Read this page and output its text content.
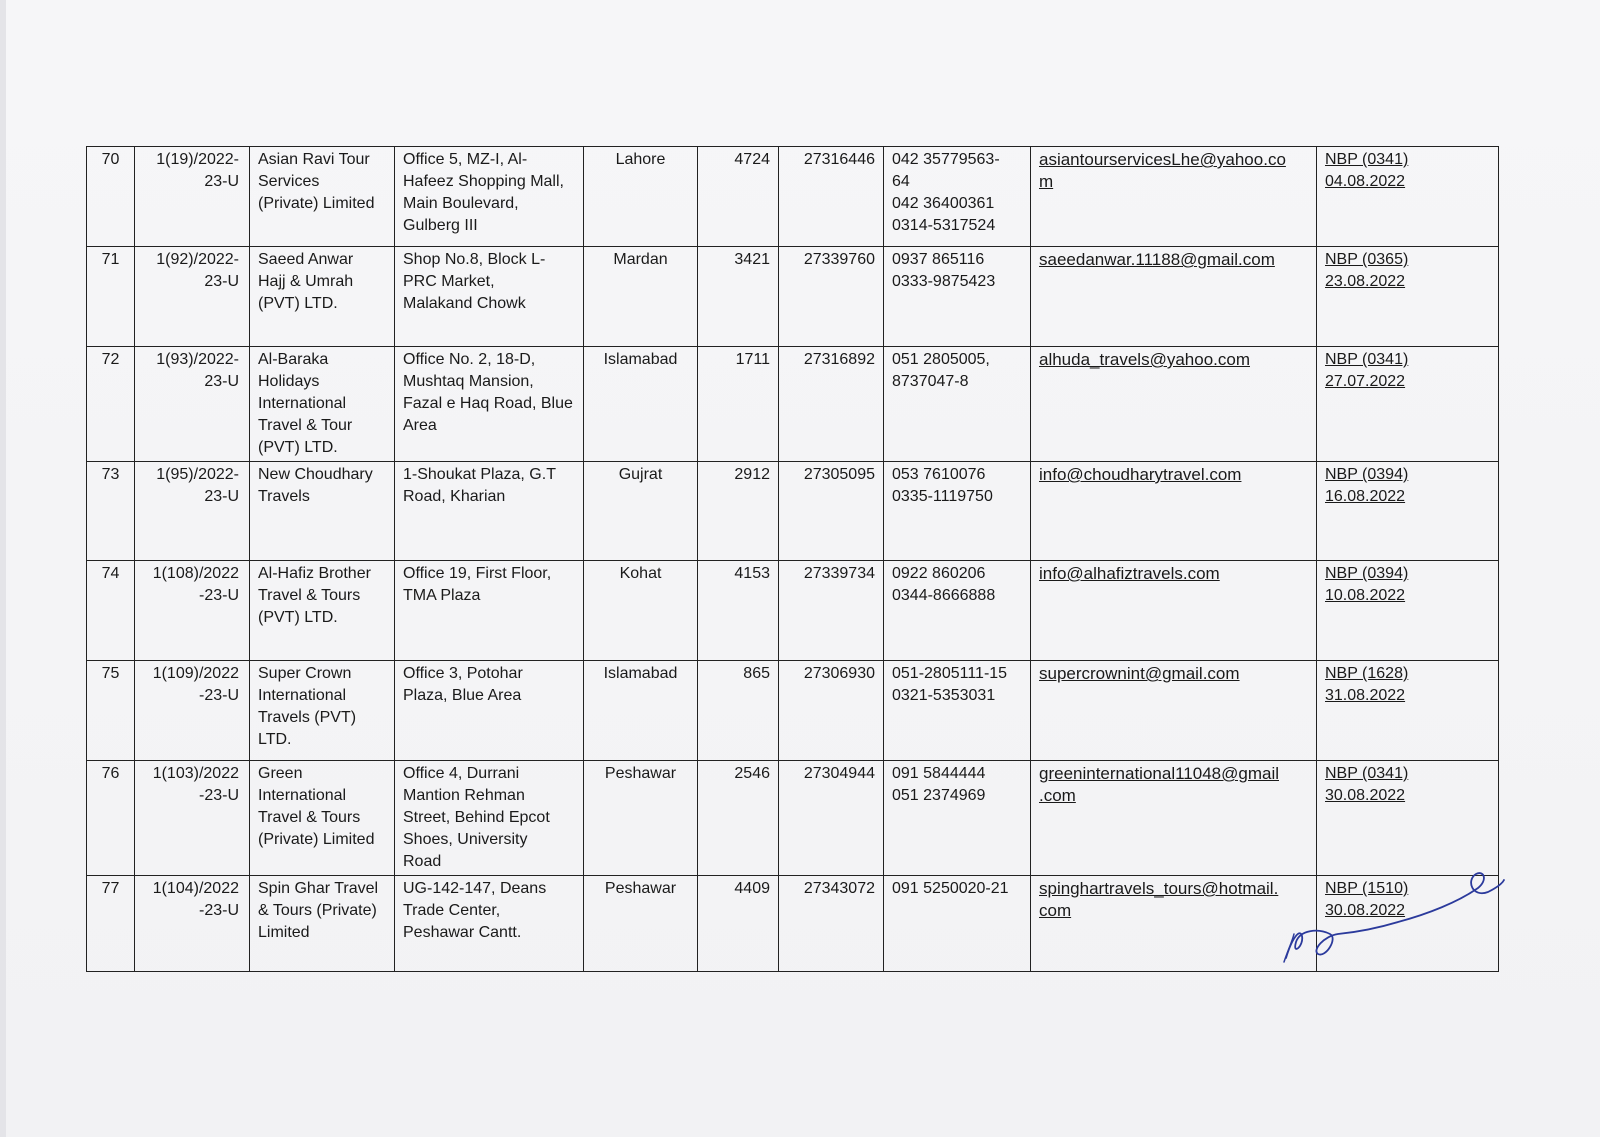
70	1(19)/2022-
23-U	Asian Ravi Tour
Services
(Private) Limited	Office 5, MZ-I, Al-
Hafeez Shopping Mall,
Main Boulevard,
Gulberg III	Lahore	4724	27316446	042 35779563-
64
042 36400361
0314-5317524	asiantourservicesLhe@yahoo.co
m	NBP (0341)
04.08.2022

71	1(92)/2022-
23-U	Saeed Anwar
Hajj & Umrah
(PVT) LTD.	Shop No.8, Block L-
PRC Market,
Malakand Chowk	Mardan	3421	27339760	0937 865116
0333-9875423	saeedanwar.11188@gmail.com	NBP (0365)
23.08.2022

72	1(93)/2022-
23-U	Al-Baraka
Holidays
International
Travel & Tour
(PVT) LTD.	Office No. 2, 18-D,
Mushtaq Mansion,
Fazal e Haq Road, Blue
Area	Islamabad	1711	27316892	051 2805005,
8737047-8	alhuda_travels@yahoo.com	NBP (0341)
27.07.2022

73	1(95)/2022-
23-U	New Choudhary
Travels	1-Shoukat Plaza, G.T
Road, Kharian	Gujrat	2912	27305095	053 7610076
0335-1119750	info@choudharytravel.com	NBP (0394)
16.08.2022

74	1(108)/2022
-23-U	Al-Hafiz Brother
Travel & Tours
(PVT) LTD.	Office 19, First Floor,
TMA Plaza	Kohat	4153	27339734	0922 860206
0344-8666888	info@alhafiztravels.com	NBP (0394)
10.08.2022

75	1(109)/2022
-23-U	Super Crown
International
Travels (PVT)
LTD.	Office 3, Potohar
Plaza, Blue Area	Islamabad	865	27306930	051-2805111-15
0321-5353031	supercrownint@gmail.com	NBP (1628)
31.08.2022

76	1(103)/2022
-23-U	Green
International
Travel & Tours
(Private) Limited	Office 4, Durrani
Mantion Rehman
Street, Behind Epcot
Shoes, University
Road	Peshawar	2546	27304944	091 5844444
051 2374969	greeninternational11048@gmail
.com	NBP (0341)
30.08.2022

77	1(104)/2022
-23-U	Spin Ghar Travel
& Tours (Private)
Limited	UG-142-147, Deans
Trade Center,
Peshawar Cantt.	Peshawar	4409	27343072	091 5250020-21	spinghartravels_tours@hotmail.
com	NBP (1510)
30.08.2022
